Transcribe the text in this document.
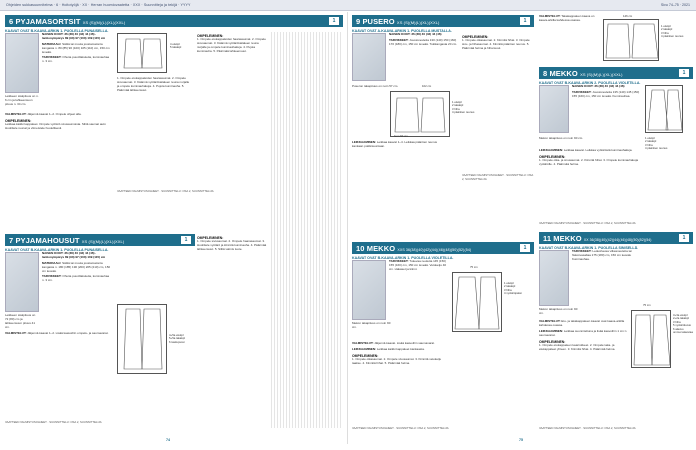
Ohjeiden sukkasuunnitelma · 6 · Hoitotyöjä · XX · Herran huomiovaatetta · XXX · Suunnitteja ja tekijä · YYYY	Sivu 74–75 · 2021
6 PYJAMASORTSIT XS (S)(M)(L)(XL)(XXL)	1
KAAVAT OVAT B-KAAVA-ARKIN 1. PUOLELLA PUNAISELLA.
Leikkeen sisäpituus on n. 6 cm ja lahkeensuun pituus n. 34 cm.
NAISEN KOOT: 36 (38) 40 (42) 44 (46) · lantionympärys 89 (93) 97 (103) 109 (115) cm
MATERIAALI: Sättiä tai muuta joustamatonta kangasta n. 80 (85) 90 (100) 105 (110) cm, 150 cm leveää.
TARVIKKEET: Ohuita puuvillakuteita, kuminauhaa n. 3 cm.
4 etukpl
5 takakpl
VALMISTELUT: Jäljennä kaavat 1–2. Ompele ohjeet alla.
OMPELEMINEN:
Leikkaa kaikki kappaleet. Ompele vyötärö sivusaumoista. Silitä saumat auki. Huolittele reunat ja viimeistele huolellisesti.
1. Ompele etukappaleiden haarasaumat. 2. Ompele sivusaumat. 3. Käännä vyötärökaitaleen reuna nurjalle ja ompele kuminauhakuja. 4. Pujota kuminauha. 5. Päärmää lahkeensuut.
VAATTEEN VALMISTUSOHJEET · SUUNNITTELU: OSA 2, SUUNNITTELIJA
7 PYJAMAHOUSUT XS (S)(M)(L)(XL)(XXL)	1
KAAVAT OVAT B-KAAVA-ARKIN 1. PUOLELLA PUNAISELLA.
Leikkeen sisäpituus on 72 (80) cm ja lahkeensuun pituus 41 cm.
NAISEN KOOT: 36 (38) 40 (42) 44 (46) · lantionympärys 89 (93) 97 (103) 109 (115) cm
MATERIAALI: Sättiä tai muuta joustamatonta kangasta n. 180 (185) 190 (200) 205 (210) cm, 150 cm leveää.
TARVIKKEET: Ohuita puuvillakuteita, kuminauhaa n. 3 cm.
4+5a etukpl
5+5a takakpl
6 taskupussi
VALMISTELUT: Jäljennä kaavat 1–2. Lisää kaavoihin ompelu- ja saumavarat.
VAATTEEN VALMISTUSOHJEET · SUUNNITTELU: OSA 2, SUUNNITTELIJA
OMPELEMINEN:
1. Ompele etukappaleiden haarasaumat. 2. Ompele sivusaumat. 3. Käännä vyötärökaitaleen reuna nurjalle ja ompele kuminauhakuja. 4. Pujota kuminauha. 5. Päärmää lahkeensuut.
OMPELEMINEN:
1. Ompele sivusaumat. 2. Ompele haarasaumat. 3. Huolittele vyötärö ja kiinnitä kuminauha. 4. Päärmää lahkeensuut. 5. Silitä valmis tuote.
74
9 PUSERO XS (S)(M)(L)(XL)(XXL)	1
KAAVAT OVAT A-KAAVA-ARKIN 1. PUOLELLA MUSTALLA.
NAISEN KOOT: 36 (38) 40 (42) 44 (46)
TARVIKKEET: Joustoneuletta 130 (140) 150 (160) 170 (180) cm, 150 cm leveää. Tukikangasta 20 cm.
Puseron takapituus on noin 57 cm.
hem 57 cm
102 cm
1 etukpl
2 takakpl
3 hiha
4 pääntien reunus
LEIKKAAMINEN: Leikkaa kaavat 1–4. Leikkaa pääntien reunus kankaan poikkisuuntaan.
OMPELEMINEN:
1. Ompele olkasaumat. 2. Kiinnitä hihat. 3. Ompele sivu- ja hihasaumat. 4. Kiinnitä pääntien reunus. 5. Päärmää helma ja hihansuut.
VAATTEEN VALMISTUSOHJEET · SUUNNITTELU: OSA 2, SUUNNITTELIJA
8 MEKKO XS (S)(M)(L)(XL)(XXL)	1
KAAVAT OVAT B-KAAVA-ARKIN 2. PUOLELLA VIOLETILLA.
NAISEN KOOT: 36 (38) 40 (42) 44 (46)
TARVIKKEET: Joustoneuletta 135 (140) 145 (150) 155 (160) cm, 150 cm leveää. Kuminauhaa.
Mekon takapituus on noin 90 cm.	1 etukpl
2 takakpl
3 hiha
4 pääntien reunus
LEIKKAAMINEN: Leikkaa kaavat. Leikkaa vyötäröstä kuminauhakuja.
OMPELEMINEN:
1. Ompele olka- ja sivusaumat. 2. Kiinnitä hihat. 3. Ompele kuminauhakuja vyötärölle. 4. Päärmää helma.
VAATTEEN VALMISTUSOHJEET · SUUNNITTELU: OSA 2, SUUNNITTELIJA
10 MEKKO XXS 36(38)(40)(42)(44)(46)(48)(50)(52)(54)	1
KAAVAT OVAT B-KAAVA-ARKIN 1. PUOLELLA VIOLETILLA.
Mekon takapituus on noin 90 cm.
TARVIKKEET: Tukevaa neuletta 145 (150) 155 (160) cm, 150 cm leveää. Vetoketju 40 cm. Hakaset ja kiinni.	75 cm
1 etukpl
2 takakpl
3 hiha
4 vyötäröpalat
VALMISTELUT: Jäljennä kaavat. Lisää kaavoihin saumavarat.
LEIKKAAMINEN: Leikkaa kaikki kappaleet kankaasta.
OMPELEMINEN:
1. Ompele olkasaumat. 2. Ompele sivusaumat. 3. Kiinnitä vetoketju taakse. 4. Kiinnitä hihat. 5. Päärmää helma.
VAATTEEN VALMISTUSOHJEET · SUUNNITTELU: OSA 2, SUUNNITTELIJA
11 MEKKO XX 36(38)(40)(42)(44)(46)(48)(50)(52)(54)	1
KAAVAT OVAT B-KAAVA-ARKIN 1. PUOLELLA SINISELLÄ.
Mekon takapituus on noin 90 cm.
TARVIKKEET: Ledeshausa vilkasneuletta tai fiskosvasaltaa 175 (180) cm, 150 cm leveää. Kuminauhaa.
75 cm
3+3a etukpl
2+2a takakpl
3 hiha
5 vyötärökuvio
6 alavuo
ommel alavaraa
VALMISTELUT: Etu- ja takakappaleen kaavat ovat kaava-arkilla kahdessa osassa.
LEIKKAAMINEN: Leikkaa suunniteltuna ja lisää kaavoihin 1 cm:n saumavarat.
OMPELEMINEN:
1. Ompele etukappaleen kaarrokkeet. 2. Ompele taka- ja etukappaleet yhteen. 3. Kiinnitä hihat. 4. Päärmää helma.
VAATTEEN VALMISTUSOHJEET · SUUNNITTELU: OSA 2, SUUNNITTELIJA
VALMISTELUT: Takakappaleen kaava on kaava-arkilla kahdessa osassa.
146 cm
1 etukpl
2 takakpl
3 hiha
4 pääntien reunus
75
